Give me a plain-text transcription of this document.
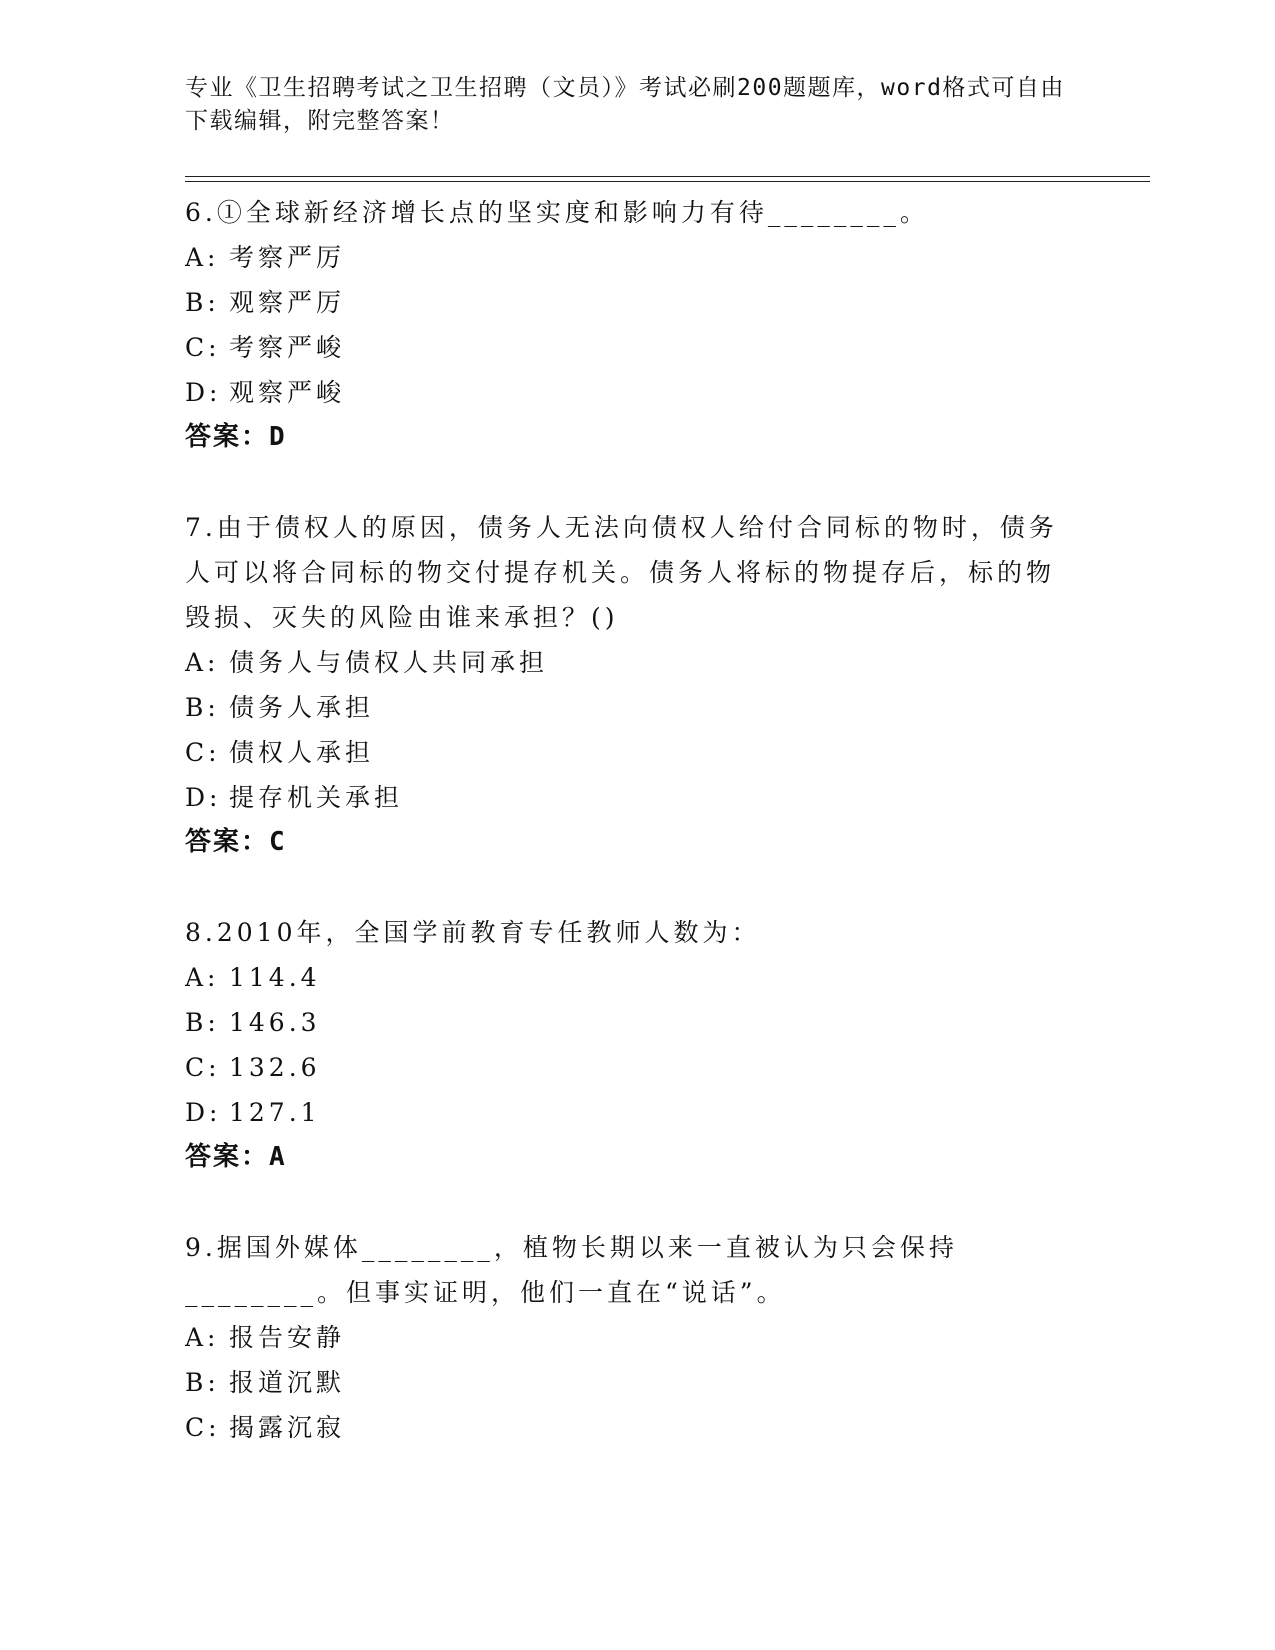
专业《卫生招聘考试之卫生招聘（文员）》考试必刷200题题库，word格式可自由下载编辑，附完整答案！

6.①全球新经济增长点的坚实度和影响力有待________。

A: 考察严厉

B: 观察严厉

C: 考察严峻

D: 观察严峻

答案：D

7.由于债权人的原因，债务人无法向债权人给付合同标的物时，债务人可以将合同标的物交付提存机关。债务人将标的物提存后，标的物毁损、灭失的风险由谁来承担？()

A: 债务人与债权人共同承担

B: 债务人承担

C: 债权人承担

D: 提存机关承担

答案：C

8.2010年，全国学前教育专任教师人数为：

A: 114.4

B: 146.3

C: 132.6

D: 127.1

答案：A

9.据国外媒体________，植物长期以来一直被认为只会保持________。但事实证明，他们一直在“说话”。

A: 报告安静

B: 报道沉默

C: 揭露沉寂
